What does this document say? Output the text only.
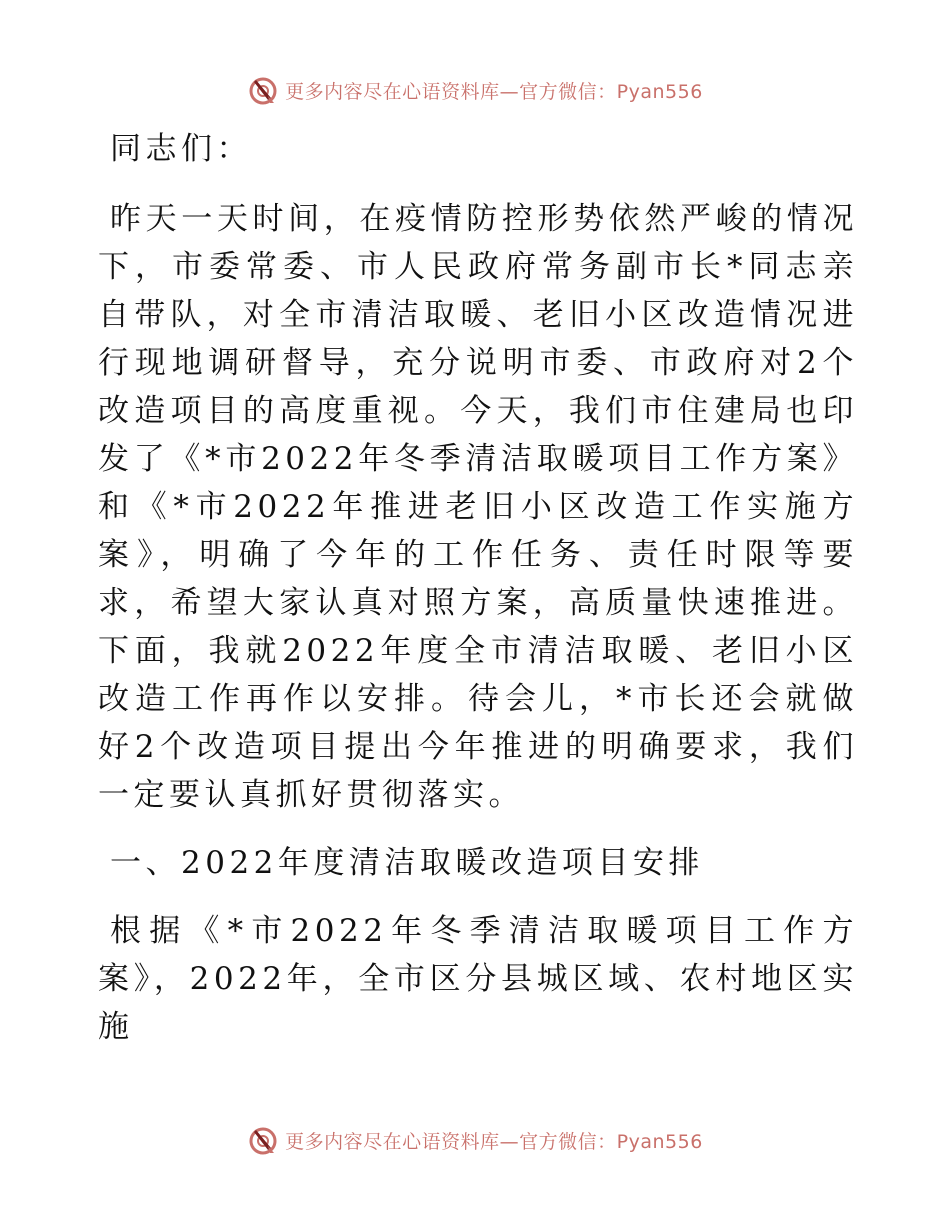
更多内容尽在心语资料库—官方微信：Pyan556

同志们：

昨天一天时间，在疫情防控形势依然严峻的情况下，市委常委、市人民政府常务副市长*同志亲自带队，对全市清洁取暖、老旧小区改造情况进行现地调研督导，充分说明市委、市政府对2个改造项目的高度重视。今天，我们市住建局也印发了《*市2022年冬季清洁取暖项目工作方案》和《*市2022年推进老旧小区改造工作实施方案》，明确了今年的工作任务、责任时限等要求，希望大家认真对照方案，高质量快速推进。下面，我就2022年度全市清洁取暖、老旧小区改造工作再作以安排。待会儿，*市长还会就做好2个改造项目提出今年推进的明确要求，我们一定要认真抓好贯彻落实。

一、2022年度清洁取暖改造项目安排

根据《*市2022年冬季清洁取暖项目工作方案》，2022年，全市区分县城区域、农村地区实施

更多内容尽在心语资料库—官方微信：Pyan556
